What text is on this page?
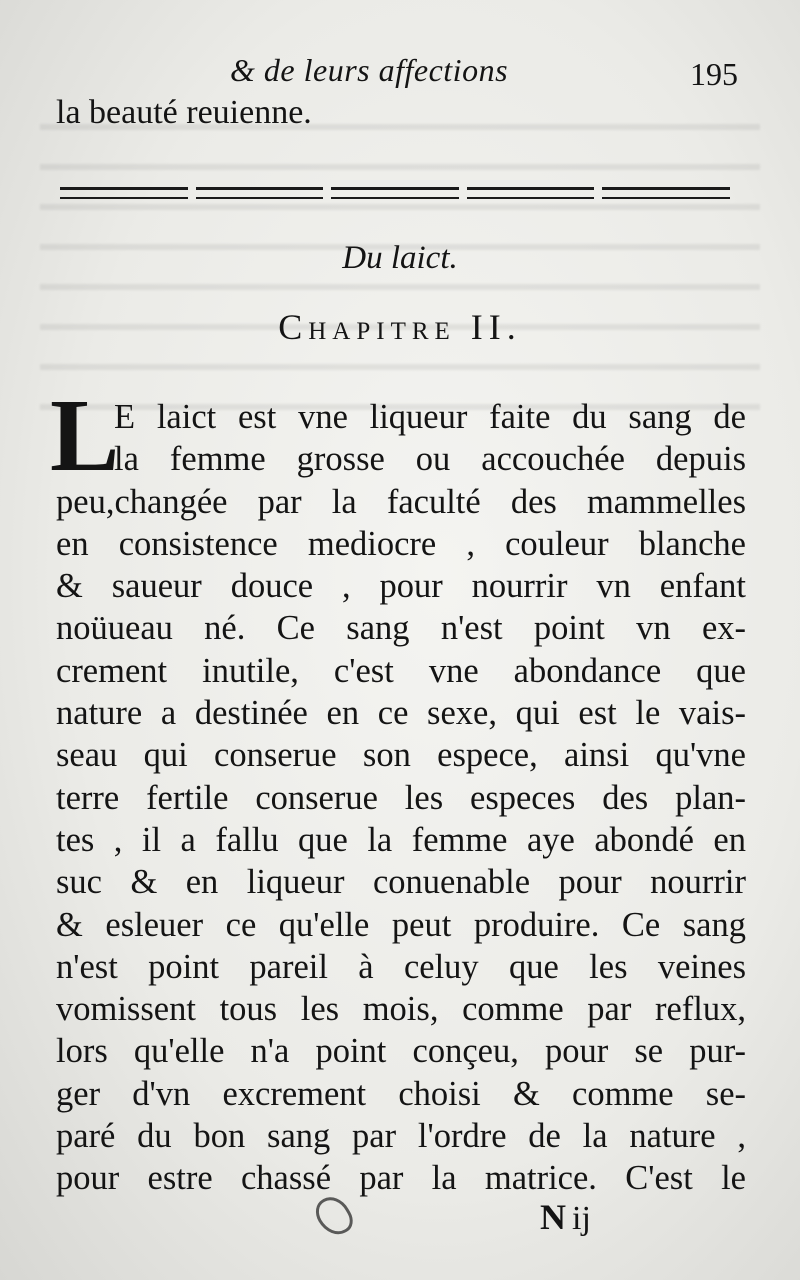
& de leurs affections	195
la beauté reuienne.
Du laict.
Chapitre II.
L
E laict est vne liqueur faite du sang de
la femme grosse ou accouchée depuis
peu,changée par la faculté des mammelles
en consistence mediocre , couleur blanche
& saueur douce , pour nourrir vn enfant
noüueau né. Ce sang n'est point vn ex-
crement inutile, c'est vne abondance que
nature a destinée en ce sexe, qui est le vais-
seau qui conserue son espece, ainsi qu'vne
terre fertile conserue les especes des plan-
tes , il a fallu que la femme aye abondé en
suc & en liqueur conuenable pour nourrir
& esleuer ce qu'elle peut produire. Ce sang
n'est point pareil à celuy que les veines
vomissent tous les mois, comme par reflux,
lors qu'elle n'a point conçeu, pour se pur-
ger d'vn excrement choisi & comme se-
paré du bon sang par l'ordre de la nature ,
pour estre chassé par la matrice. C'est le
N ij
